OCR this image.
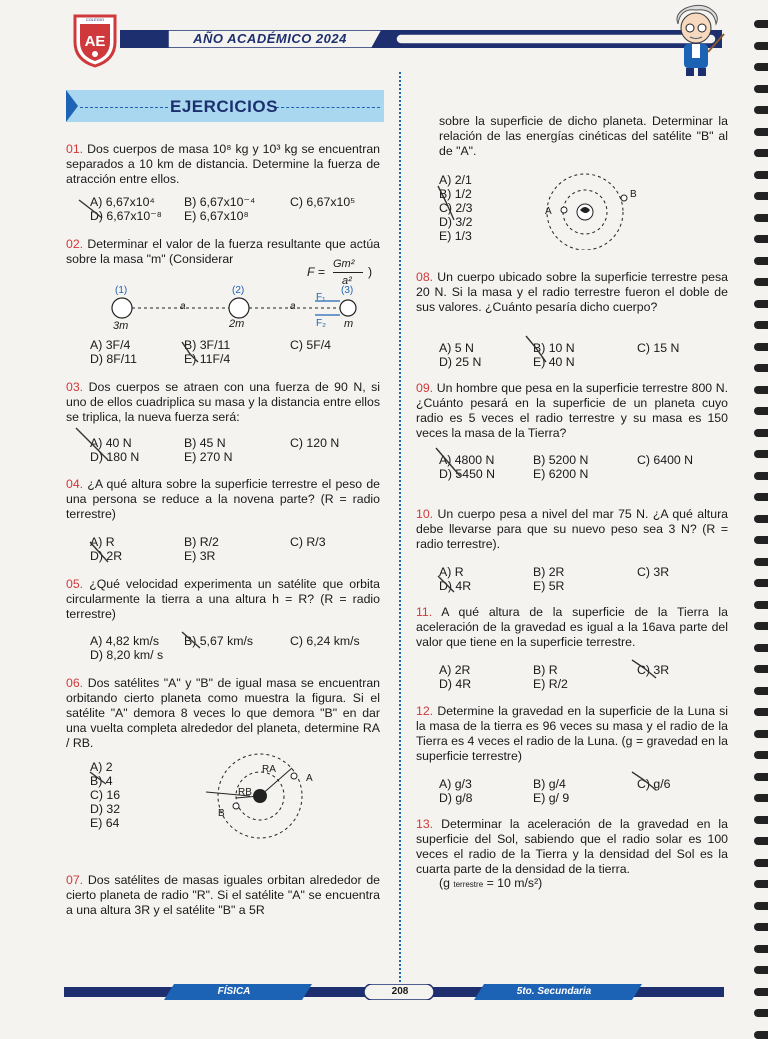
AE
COLEGIO
AÑO ACADÉMICO 2024
EJERCICIOS
01. Dos cuerpos de masa 10⁸ kg y 10³ kg se encuentran separados a 10 km de distancia. Determine la fuerza de atracción entre ellos.
A) 6,67x10⁴ B) 6,67x10⁻⁴	C) 6,67x10⁵
D) 6,67x10⁻⁸ E) 6,67x10⁸
02. Determinar el valor de la fuerza resultante que actúa sobre la masa "m" (Considerar
F =
Gm²
a²
)
(1)	(2)	(3)
F₁
F₂
a	a
3m	2m	m
A) 3F/4	B) 3F/11	C) 5F/4
D) 8F/11	E) 11F/4
03. Dos cuerpos se atraen con una fuerza de 90 N, si uno de ellos cuadriplica su masa y la distancia entre ellos se triplica, la nueva fuerza será:
A) 40 N	B) 45 N	C) 120 N
D) 180 N	E) 270 N
04. ¿A qué altura sobre la superficie terrestre el peso de una persona se reduce a la novena parte? (R = radio terrestre)
A) R	B) R/2	C) R/3
D) 2R	E) 3R
05. ¿Qué velocidad experimenta un satélite que orbita circularmente la tierra a una altura h = R? (R = radio terrestre)
A) 4,82 km/s B) 5,67 km/s	C) 6,24 km/s
D) 8,20 km/ s
06. Dos satélites "A" y "B" de igual masa se encuentran orbitando cierto planeta como muestra la figura. Si el satélite "A" demora 8 veces lo que demora "B" en dar una vuelta completa alrededor del planeta, determine RA / RB.
A) 2
B) 4
C) 16
D) 32
E) 64
RA
RB
A
B
07. Dos satélites de masas iguales orbitan alrededor de cierto planeta de radio "R". Si el satélite "A" se encuentra a una altura 3R y el satélite "B" a 5R
A) 2/1
B) 1/2
C) 2/3
D) 3/2
E) 1/3
A
B
08. Un cuerpo ubicado sobre la superficie terrestre pesa 20 N. Si la masa y el radio terrestre fueron el doble de sus valores. ¿Cuánto pesaría dicho cuerpo?
A) 5 N	B) 10 N	C) 15 N
D) 25 N	E) 40 N
09. Un hombre que pesa en la superficie terrestre 800 N. ¿Cuánto pesará en la superficie de un planeta cuyo radio es 5 veces el radio terrestre y su masa es 150 veces la masa de la Tierra?
A) 4800 N	B) 5200 N	C) 6400 N
D) 5450 N	E) 6200 N
10. Un cuerpo pesa a nivel del mar 75 N. ¿A qué altura debe llevarse para que su nuevo peso sea 3 N? (R = radio terrestre).
A) R	B) 2R	C) 3R
D) 4R	E) 5R
11. A qué altura de la superficie de la Tierra la aceleración de la gravedad es igual a la 16ava parte del valor que tiene en la superficie terrestre.
A) 2R	B) R	C) 3R
D) 4R	E) R/2
12. Determine la gravedad en la superficie de la Luna si la masa de la tierra es 96 veces su masa y el radio de la Tierra es 4 veces el radio de la Luna. (g = gravedad en la superficie terrestre)
A) g/3	B) g/4	C) g/6
D) g/8	E) g/ 9
13. Determinar la aceleración de la gravedad en la superficie del Sol, sabiendo que el radio solar es 100 veces el radio de la Tierra y la densidad del Sol es la cuarta parte de la densidad de la tierra.
(g terrestre = 10 m/s²)
FÍSICA	208	5to. Secundaria
sobre la superficie de dicho planeta. Determinar la relación de las energías cinéticas del satélite "B" al de "A".
